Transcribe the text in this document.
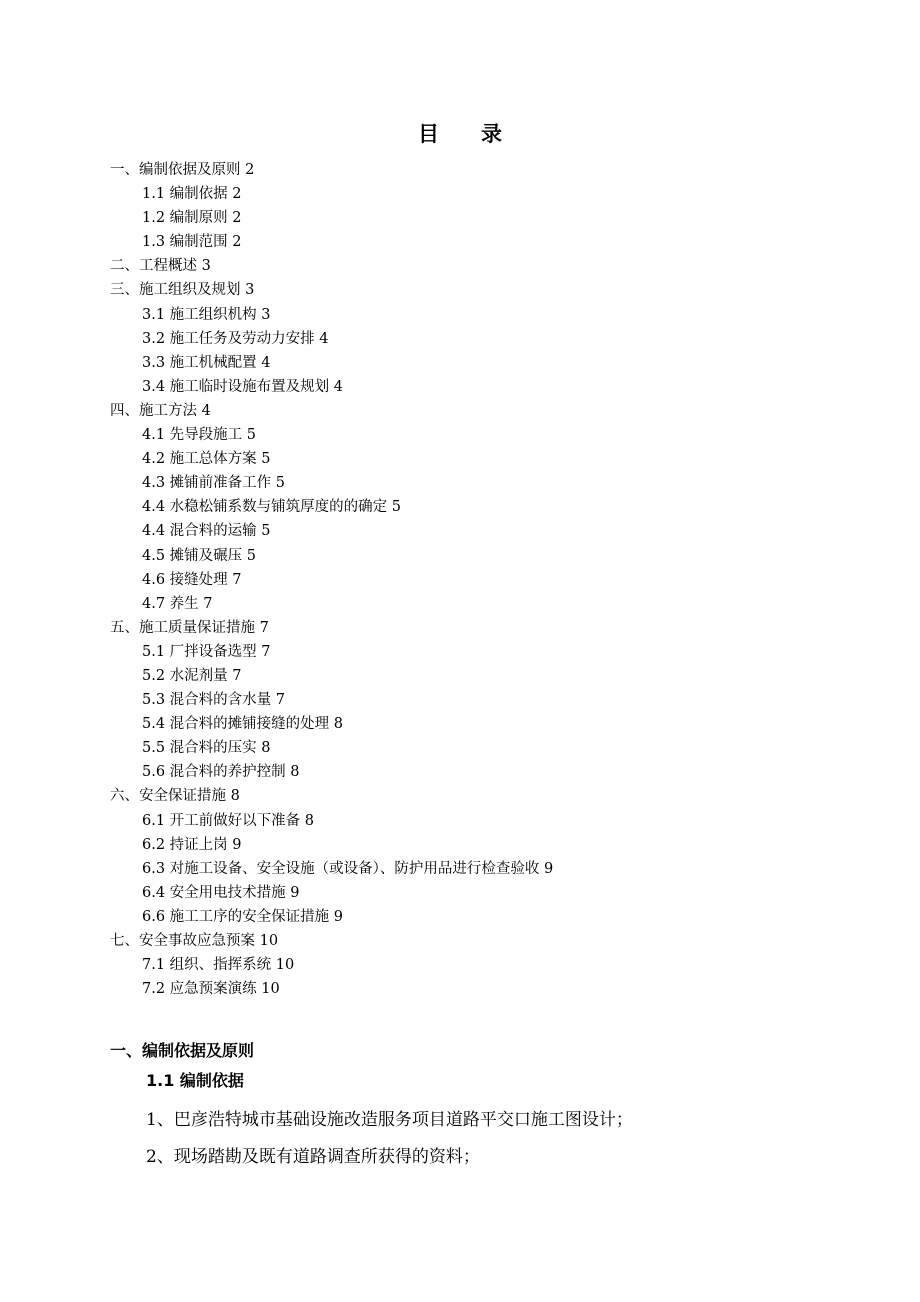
目 录
一、编制依据及原则 2
1.1 编制依据 2
1.2 编制原则 2
1.3 编制范围 2
二、工程概述 3
三、施工组织及规划 3
3.1 施工组织机构 3
3.2 施工任务及劳动力安排 4
3.3 施工机械配置 4
3.4 施工临时设施布置及规划 4
四、施工方法 4
4.1 先导段施工 5
4.2 施工总体方案 5
4.3 摊铺前准备工作 5
4.4 水稳松铺系数与铺筑厚度的的确定 5
4.4 混合料的运输 5
4.5 摊铺及碾压 5
4.6 接缝处理 7
4.7 养生 7
五、施工质量保证措施 7
5.1 厂拌设备选型 7
5.2 水泥剂量 7
5.3 混合料的含水量 7
5.4 混合料的摊铺接缝的处理 8
5.5 混合料的压实 8
5.6 混合料的养护控制 8
六、安全保证措施 8
6.1 开工前做好以下准备 8
6.2 持证上岗 9
6.3 对施工设备、安全设施（或设备）、防护用品进行检查验收 9
6.4 安全用电技术措施 9
6.6 施工工序的安全保证措施 9
七、安全事故应急预案 10
7.1 组织、指挥系统 10
7.2 应急预案演练 10
一、编制依据及原则
1.1 编制依据
1、巴彦浩特城市基础设施改造服务项目道路平交口施工图设计；
2、现场踏勘及既有道路调查所获得的资料；
